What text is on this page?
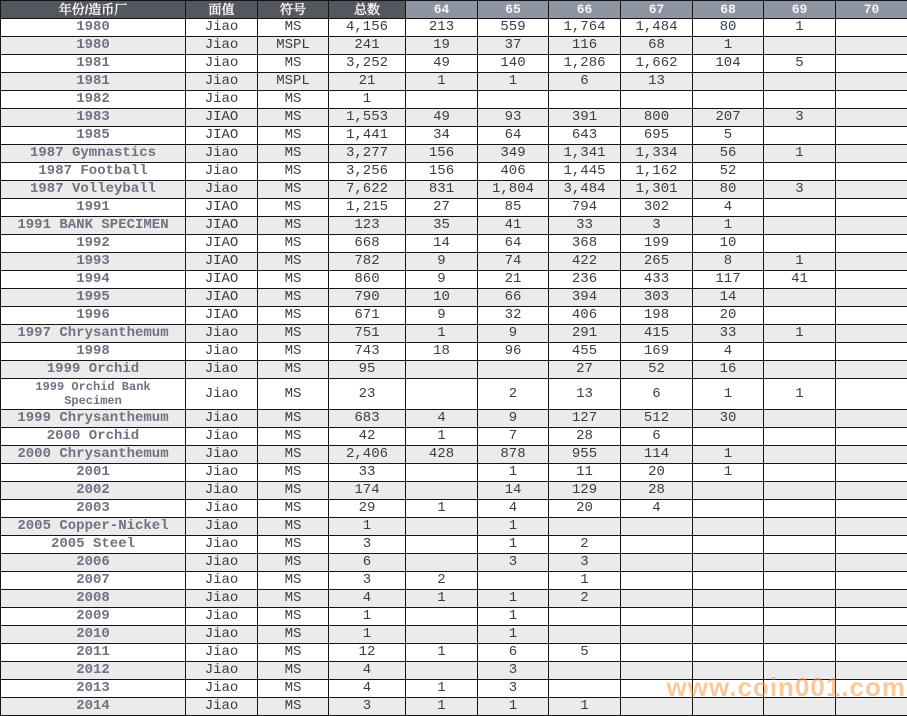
年份/造币厂	面值	符号	总数	64	65	66	67	68	69	70
1980	Jiao	MS	4,156	213	559	1,764	1,484	80	1	
1980	Jiao	MSPL	241	19	37	116	68	1		
1981	Jiao	MS	3,252	49	140	1,286	1,662	104	5	
1981	Jiao	MSPL	21	1	1	6	13			
1982	Jiao	MS	1							
1983	JIAO	MS	1,553	49	93	391	800	207	3	
1985	JIAO	MS	1,441	34	64	643	695	5		
1987 Gymnastics	Jiao	MS	3,277	156	349	1,341	1,334	56	1	
1987 Football	Jiao	MS	3,256	156	406	1,445	1,162	52		
1987 Volleyball	Jiao	MS	7,622	831	1,804	3,484	1,301	80	3	
1991	JIAO	MS	1,215	27	85	794	302	4		
1991 BANK SPECIMEN	JIAO	MS	123	35	41	33	3	1		
1992	JIAO	MS	668	14	64	368	199	10		
1993	JIAO	MS	782	9	74	422	265	8	1	
1994	JIAO	MS	860	9	21	236	433	117	41	
1995	JIAO	MS	790	10	66	394	303	14		
1996	JIAO	MS	671	9	32	406	198	20		
1997 Chrysanthemum	Jiao	MS	751	1	9	291	415	33	1	
1998	Jiao	MS	743	18	96	455	169	4		
1999 Orchid	Jiao	MS	95			27	52	16		
1999 Orchid Bank Specimen	Jiao	MS	23		2	13	6	1	1	
1999 Chrysanthemum	Jiao	MS	683	4	9	127	512	30		
2000 Orchid	Jiao	MS	42	1	7	28	6			
2000 Chrysanthemum	Jiao	MS	2,406	428	878	955	114	1		
2001	Jiao	MS	33		1	11	20	1		
2002	Jiao	MS	174		14	129	28			
2003	Jiao	MS	29	1	4	20	4			
2005 Copper-Nickel	Jiao	MS	1		1					
2005 Steel	Jiao	MS	3		1	2				
2006	Jiao	MS	6		3	3				
2007	Jiao	MS	3	2		1				
2008	Jiao	MS	4	1	1	2				
2009	Jiao	MS	1		1					
2010	Jiao	MS	1		1					
2011	Jiao	MS	12	1	6	5				
2012	Jiao	MS	4		3					
2013	Jiao	MS	4	1	3					
2014	Jiao	MS	3	1	1	1				
www.coin001.com
